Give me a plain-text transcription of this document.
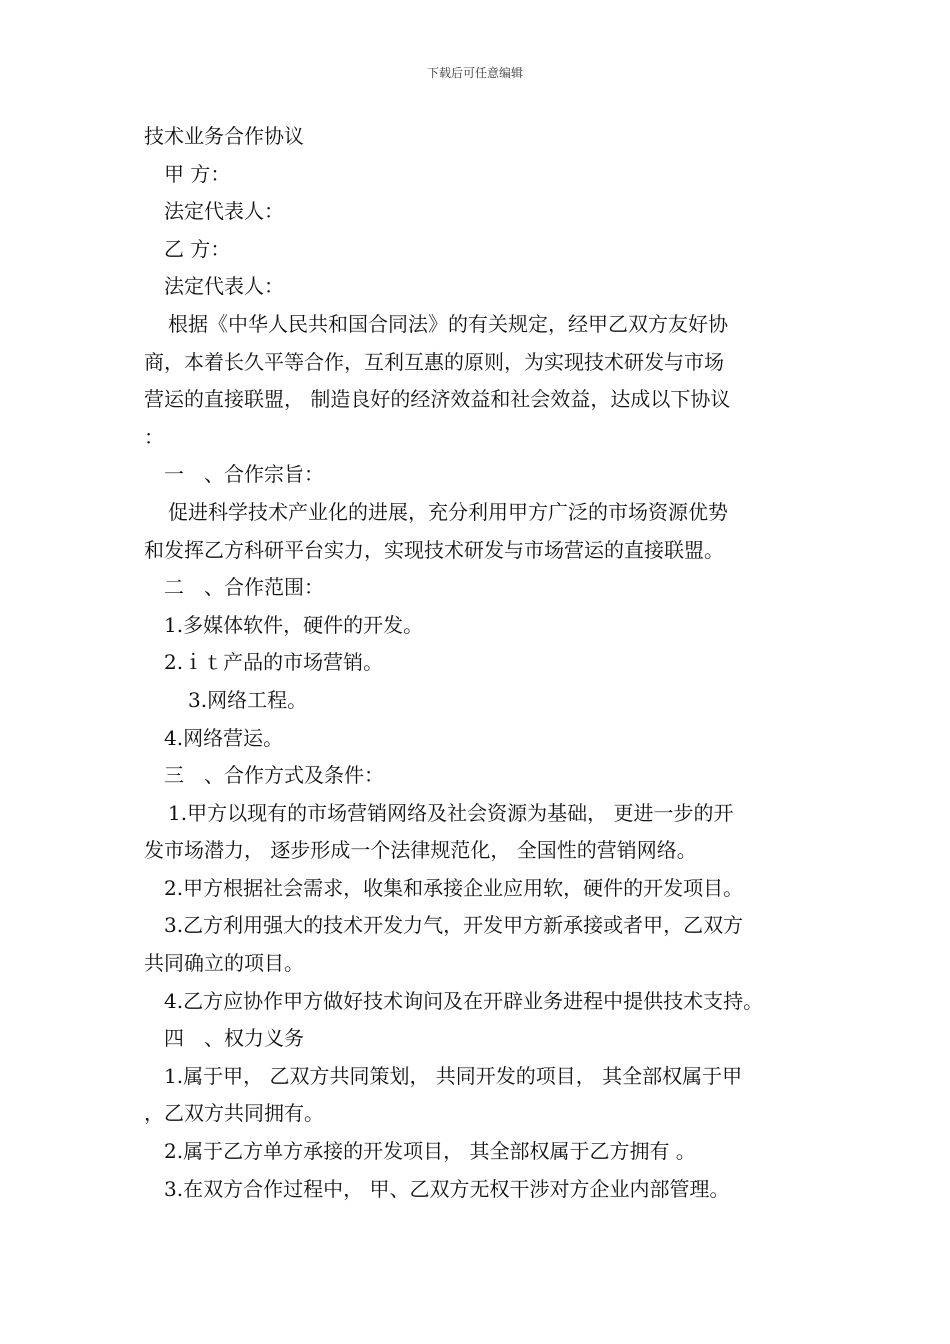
下载后可任意编辑
技术业务合作协议
甲 方：
法定代表人：
乙 方：
法定代表人：
根据《中华人民共和国合同法》的有关规定，经甲乙双方友好协
商，本着长久平等合作，互利互惠的原则，为实现技术研发与市场
营运的直接联盟， 制造良好的经济效益和社会效益，达成以下协议
：
一　、合作宗旨：
促进科学技术产业化的进展，充分利用甲方广泛的市场资源优势
和发挥乙方科研平台实力，实现技术研发与市场营运的直接联盟。
二　、合作范围：
1.多媒体软件，硬件的开发。
2.ｉｔ产品的市场营销。
3.网络工程。
4.网络营运。
三　、合作方式及条件：
1.甲方以现有的市场营销网络及社会资源为基础， 更进一步的开
发市场潜力， 逐步形成一个法律规范化， 全国性的营销网络。
2.甲方根据社会需求，收集和承接企业应用软，硬件的开发项目。
3.乙方利用强大的技术开发力气，开发甲方新承接或者甲，乙双方
共同确立的项目。
4.乙方应协作甲方做好技术询问及在开辟业务进程中提供技术支持。
四　、权力义务
1.属于甲， 乙双方共同策划， 共同开发的项目， 其全部权属于甲
，乙双方共同拥有。
2.属于乙方单方承接的开发项目， 其全部权属于乙方拥有 。
3.在双方合作过程中， 甲、乙双方无权干涉对方企业内部管理。
